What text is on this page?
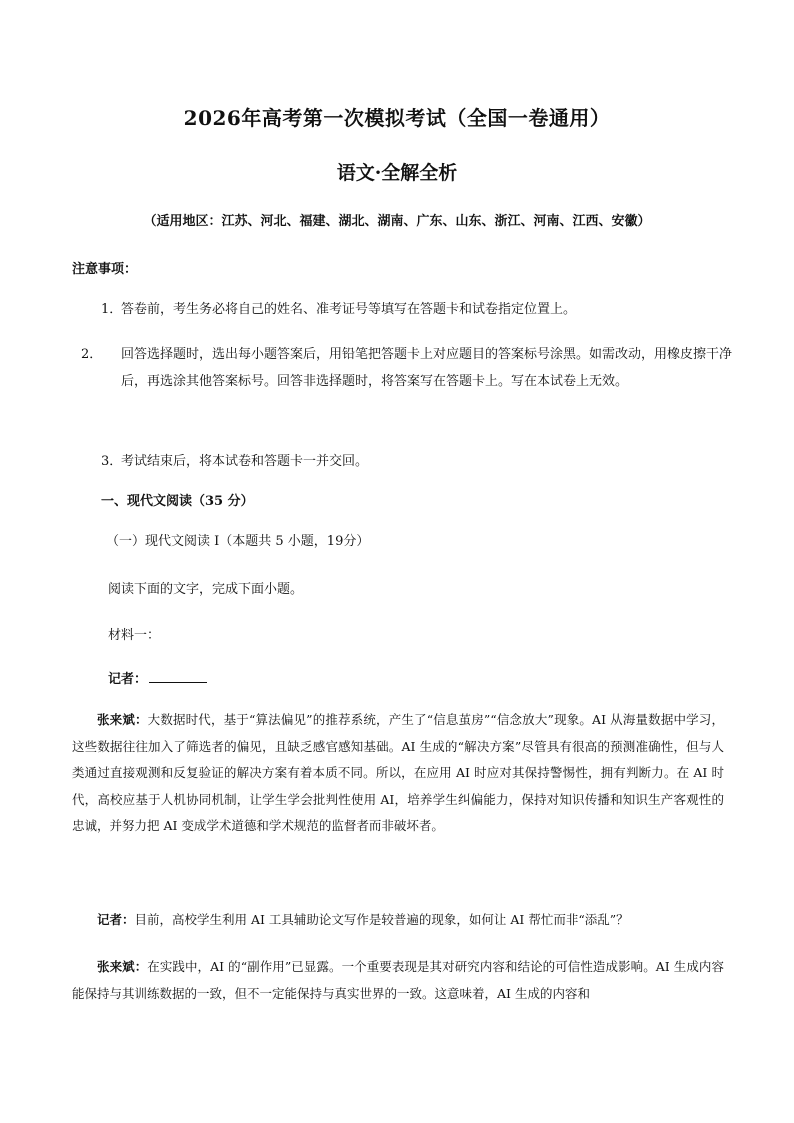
2026年高考第一次模拟考试（全国一卷通用）
语文·全解全析
（适用地区：江苏、河北、福建、湖北、湖南、广东、山东、浙江、河南、江西、安徽）
注意事项：
1．答卷前，考生务必将自己的姓名、准考证号等填写在答题卡和试卷指定位置上。
2． 回答选择题时，选出每小题答案后，用铅笔把答题卡上对应题目的答案标号涂黑。如需改动，用橡皮擦干净后，再选涂其他答案标号。回答非选择题时，将答案写在答题卡上。写在本试卷上无效。
3．考试结束后，将本试卷和答题卡一并交回。
一、现代文阅读（35 分）
（一）现代文阅读 I（本题共 5 小题，19分）
阅读下面的文字，完成下面小题。
材料一：
记者：
张来斌：大数据时代，基于“算法偏见”的推荐系统，产生了“信息茧房”“信念放大”现象。AI 从海量数据中学习，这些数据往往加入了筛选者的偏见，且缺乏感官感知基础。AI 生成的“解决方案”尽管具有很高的预测准确性，但与人类通过直接观测和反复验证的解决方案有着本质不同。所以，在应用 AI 时应对其保持警惕性，拥有判断力。在 AI 时代，高校应基于人机协同机制，让学生学会批判性使用 AI，培养学生纠偏能力，保持对知识传播和知识生产客观性的忠诚，并努力把 AI 变成学术道德和学术规范的监督者而非破坏者。
记者：目前，高校学生利用 AI 工具辅助论文写作是较普遍的现象，如何让 AI 帮忙而非“添乱”？
张来斌：在实践中，AI 的“副作用”已显露。一个重要表现是其对研究内容和结论的可信性造成影响。AI 生成内容能保持与其训练数据的一致，但不一定能保持与真实世界的一致。这意味着，AI 生成的内容和
